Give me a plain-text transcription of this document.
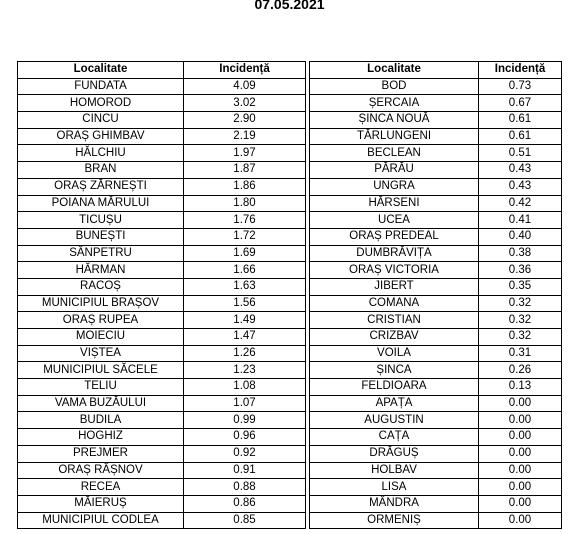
07.05.2021
Localitate	Incidență
FUNDATA	4.09
HOMOROD	3.02
CINCU	2.90
ORAȘ GHIMBAV	2.19
HĂLCHIU	1.97
BRAN	1.87
ORAȘ ZĂRNEȘTI	1.86
POIANA MĂRULUI	1.80
TICUȘU	1.76
BUNEȘTI	1.72
SÂNPETRU	1.69
HĂRMAN	1.66
RACOȘ	1.63
MUNICIPIUL BRAȘOV	1.56
ORAȘ RUPEA	1.49
MOIECIU	1.47
VIȘTEA	1.26
MUNICIPIUL SĂCELE	1.23
TELIU	1.08
VAMA BUZĂULUI	1.07
BUDILA	0.99
HOGHIZ	0.96
PREJMER	0.92
ORAȘ RÂȘNOV	0.91
RECEA	0.88
MĂIERUȘ	0.86
MUNICIPIUL CODLEA	0.85
Localitate	Incidență
BOD	0.73
ȘERCAIA	0.67
ȘINCA NOUĂ	0.61
TĂRLUNGENI	0.61
BECLEAN	0.51
PĂRĂU	0.43
UNGRA	0.43
HĂRSENI	0.42
UCEA	0.41
ORAȘ PREDEAL	0.40
DUMBRĂVIȚA	0.38
ORAȘ VICTORIA	0.36
JIBERT	0.35
COMANA	0.32
CRISTIAN	0.32
CRIZBAV	0.32
VOILA	0.31
ȘINCA	0.26
FELDIOARA	0.13
APAȚA	0.00
AUGUSTIN	0.00
CAȚA	0.00
DRĂGUȘ	0.00
HOLBAV	0.00
LISA	0.00
MÂNDRA	0.00
ORMENIȘ	0.00
